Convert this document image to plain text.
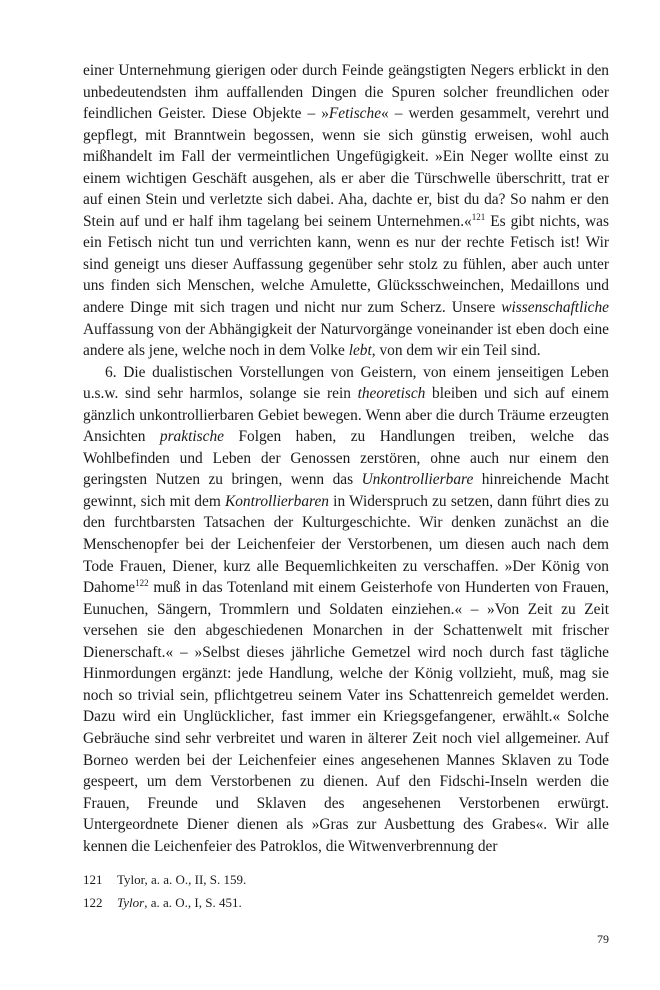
einer Unternehmung gierigen oder durch Feinde geängstigten Negers erblickt in den unbedeutendsten ihm auffallenden Dingen die Spuren solcher freundlichen oder feindlichen Geister. Diese Objekte – »Fetische« – werden gesammelt, verehrt und gepflegt, mit Branntwein begossen, wenn sie sich günstig erweisen, wohl auch mißhandelt im Fall der vermeintlichen Ungefügigkeit. »Ein Neger wollte einst zu einem wichtigen Geschäft ausgehen, als er aber die Türschwelle überschritt, trat er auf einen Stein und verletzte sich dabei. Aha, dachte er, bist du da? So nahm er den Stein auf und er half ihm tagelang bei seinem Unternehmen.«$^{121}$ Es gibt nichts, was ein Fetisch nicht tun und verrichten kann, wenn es nur der rechte Fetisch ist! Wir sind geneigt uns dieser Auffassung gegenüber sehr stolz zu fühlen, aber auch unter uns finden sich Menschen, welche Amulette, Glücksschweinchen, Medaillons und andere Dinge mit sich tragen und nicht nur zum Scherz. Unsere wissenschaftliche Auffassung von der Abhängigkeit der Naturvorgänge voneinander ist eben doch eine andere als jene, welche noch in dem Volke lebt, von dem wir ein Teil sind.

6. Die dualistischen Vorstellungen von Geistern, von einem jenseitigen Leben u.s.w. sind sehr harmlos, solange sie rein theoretisch bleiben und sich auf einem gänzlich unkontrollierbaren Gebiet bewegen. Wenn aber die durch Träume erzeugten Ansichten praktische Folgen haben, zu Handlungen treiben, welche das Wohlbefinden und Leben der Genossen zerstören, ohne auch nur einem den geringsten Nutzen zu bringen, wenn das Unkontrollierbare hinreichende Macht gewinnt, sich mit dem Kontrollierbaren in Widerspruch zu setzen, dann führt dies zu den furchtbarsten Tatsachen der Kulturgeschichte. Wir denken zunächst an die Menschenopfer bei der Leichenfeier der Verstorbenen, um diesen auch nach dem Tode Frauen, Diener, kurz alle Bequemlichkeiten zu verschaffen. »Der König von Dahome$^{122}$ muß in das Totenland mit einem Geisterhofe von Hunderten von Frauen, Eunuchen, Sängern, Trommlern und Soldaten einziehen.« – »Von Zeit zu Zeit versehen sie den abgeschiedenen Monarchen in der Schattenwelt mit frischer Dienerschaft.« – »Selbst dieses jährliche Gemetzel wird noch durch fast tägliche Hinmordungen ergänzt: jede Handlung, welche der König vollzieht, muß, mag sie noch so trivial sein, pflichtgetreu seinem Vater ins Schattenreich gemeldet werden. Dazu wird ein Unglücklicher, fast immer ein Kriegsgefangener, erwählt.« Solche Gebräuche sind sehr verbreitet und waren in älterer Zeit noch viel allgemeiner. Auf Borneo werden bei der Leichenfeier eines angesehenen Mannes Sklaven zu Tode gespeert, um dem Verstorbenen zu dienen. Auf den Fidschi-Inseln werden die Frauen, Freunde und Sklaven des angesehenen Verstorbenen erwürgt. Untergeordnete Diener dienen als »Gras zur Ausbettung des Grabes«. Wir alle kennen die Leichenfeier des Patroklos, die Witwenverbrennung der

121 Tylor, a. a. O., II, S. 159.
122 Tylor, a. a. O., I, S. 451.
79
